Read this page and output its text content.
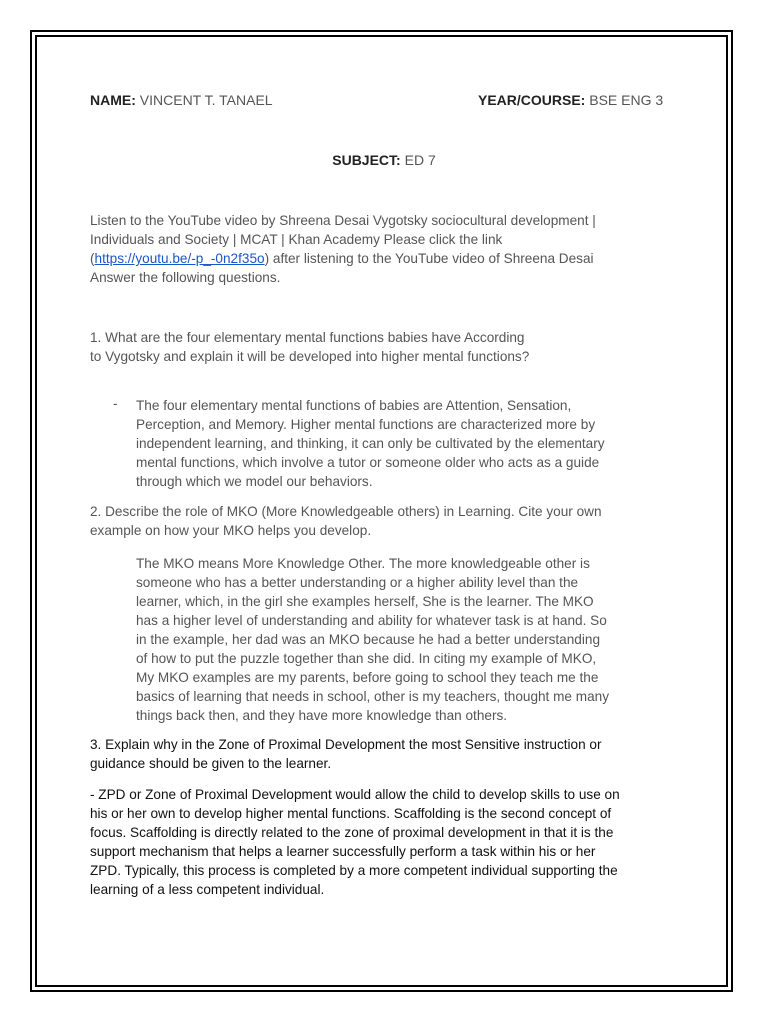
NAME: VINCENT T. TANAEL	YEAR/COURSE: BSE ENG 3
SUBJECT: ED 7
Listen to the YouTube video by Shreena Desai Vygotsky sociocultural development |
Individuals and Society | MCAT | Khan Academy Please click the link
(https://youtu.be/-p_-0n2f35o) after listening to the YouTube video of Shreena Desai
Answer the following questions.
1. What are the four elementary mental functions babies have According
to Vygotsky and explain it will be developed into higher mental functions?
- The four elementary mental functions of babies are Attention, Sensation,
Perception, and Memory. Higher mental functions are characterized more by
independent learning, and thinking, it can only be cultivated by the elementary
mental functions, which involve a tutor or someone older who acts as a guide
through which we model our behaviors.
2. Describe the role of MKO (More Knowledgeable others) in Learning. Cite your own
example on how your MKO helps you develop.
The MKO means More Knowledge Other. The more knowledgeable other is
someone who has a better understanding or a higher ability level than the
learner, which, in the girl she examples herself, She is the learner. The MKO
has a higher level of understanding and ability for whatever task is at hand. So
in the example, her dad was an MKO because he had a better understanding
of how to put the puzzle together than she did. In citing my example of MKO,
My MKO examples are my parents, before going to school they teach me the
basics of learning that needs in school, other is my teachers, thought me many
things back then, and they have more knowledge than others.
3. Explain why in the Zone of Proximal Development the most Sensitive instruction or
guidance should be given to the learner.
- ZPD or Zone of Proximal Development would allow the child to develop skills to use on
his or her own to develop higher mental functions. Scaffolding is the second concept of
focus. Scaffolding is directly related to the zone of proximal development in that it is the
support mechanism that helps a learner successfully perform a task within his or her
ZPD. Typically, this process is completed by a more competent individual supporting the
learning of a less competent individual.
